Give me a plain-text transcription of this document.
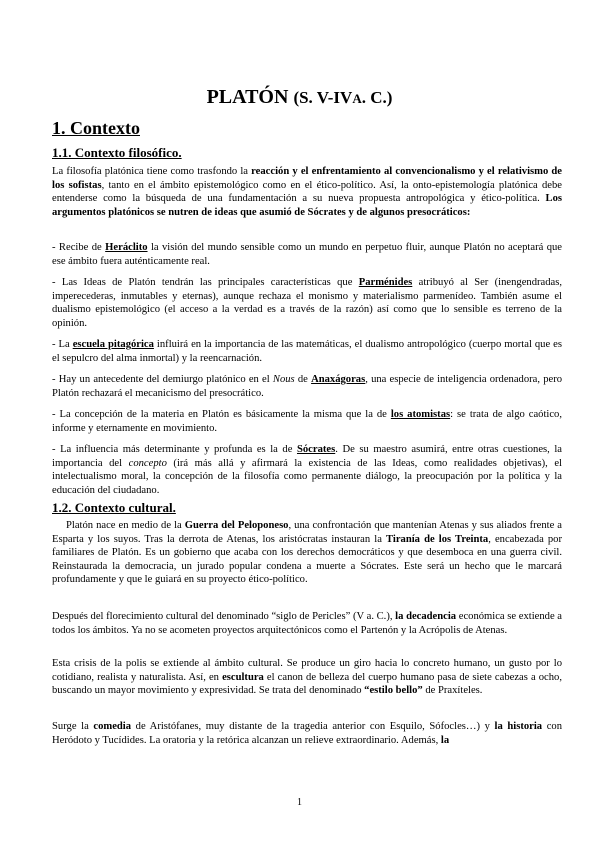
PLATÓN (S. V-IVA. C.)
1. Contexto
1.1. Contexto filosófico.

La filosofía platónica tiene como trasfondo la reacción y el enfrentamiento al convencionalismo y el relativismo de los sofistas, tanto en el ámbito epistemológico como en el ético-político. Así, la onto-epistemología platónica debe entenderse como la búsqueda de una fundamentación a su nueva propuesta antropológica y ético-política. Los argumentos platónicos se nutren de ideas que asumió de Sócrates y de algunos presocráticos:

- Recibe de Heráclito la visión del mundo sensible como un mundo en perpetuo fluir, aunque Platón no aceptará que ese ámbito fuera auténticamente real.

- Las Ideas de Platón tendrán las principales características que Parménides atribuyó al Ser (inengendradas, imperecederas, inmutables y eternas), aunque rechaza el monismo y materialismo parmenídeo. También asume el dualismo epistemológico (el acceso a la verdad es a través de la razón) así como que lo sensible es terreno de la opinión.

- La escuela pitagórica influirá en la importancia de las matemáticas, el dualismo antropológico (cuerpo mortal que es el sepulcro del alma inmortal) y la reencarnación.

- Hay un antecedente del demiurgo platónico en el Nous de Anaxágoras, una especie de inteligencia ordenadora, pero Platón rechazará el mecanicismo del presocrático.

- La concepción de la materia en Platón es básicamente la misma que la de los atomistas: se trata de algo caótico, informe y eternamente en movimiento.

- La influencia más determinante y profunda es la de Sócrates. De su maestro asumirá, entre otras cuestiones, la importancia del concepto (irá más allá y afirmará la existencia de las Ideas, como realidades objetivas), el intelectualismo moral, la concepción de la filosofía como permanente diálogo, la preocupación por la política y la educación del ciudadano.

1.2. Contexto cultural.

Platón nace en medio de la Guerra del Peloponeso, una confrontación que mantenían Atenas y sus aliados frente a Esparta y los suyos. Tras la derrota de Atenas, los aristócratas instauran la Tiranía de los Treinta, encabezada por familiares de Platón. Es un gobierno que acaba con los derechos democráticos y que desemboca en una guerra civil. Reinstaurada la democracia, un jurado popular condena a muerte a Sócrates. Este será un hecho que le marcará profundamente y que le guiará en su proyecto ético-político.

Después del florecimiento cultural del denominado “siglo de Pericles” (V a. C.), la decadencia económica se extiende a todos los ámbitos. Ya no se acometen proyectos arquitectónicos como el Partenón y la Acrópolis de Atenas.

Esta crisis de la polis se extiende al ámbito cultural. Se produce un giro hacia lo concreto humano, un gusto por lo cotidiano, realista y naturalista. Así, en escultura el canon de belleza del cuerpo humano pasa de siete cabezas a ocho, buscando un mayor movimiento y expresividad. Se trata del denominado “estilo bello” de Praxíteles.

Surge la comedia de Aristófanes, muy distante de la tragedia anterior con Esquilo, Sófocles…) y la historia con Heródoto y Tucídides. La oratoria y la retórica alcanzan un relieve extraordinario. Además, la

1
